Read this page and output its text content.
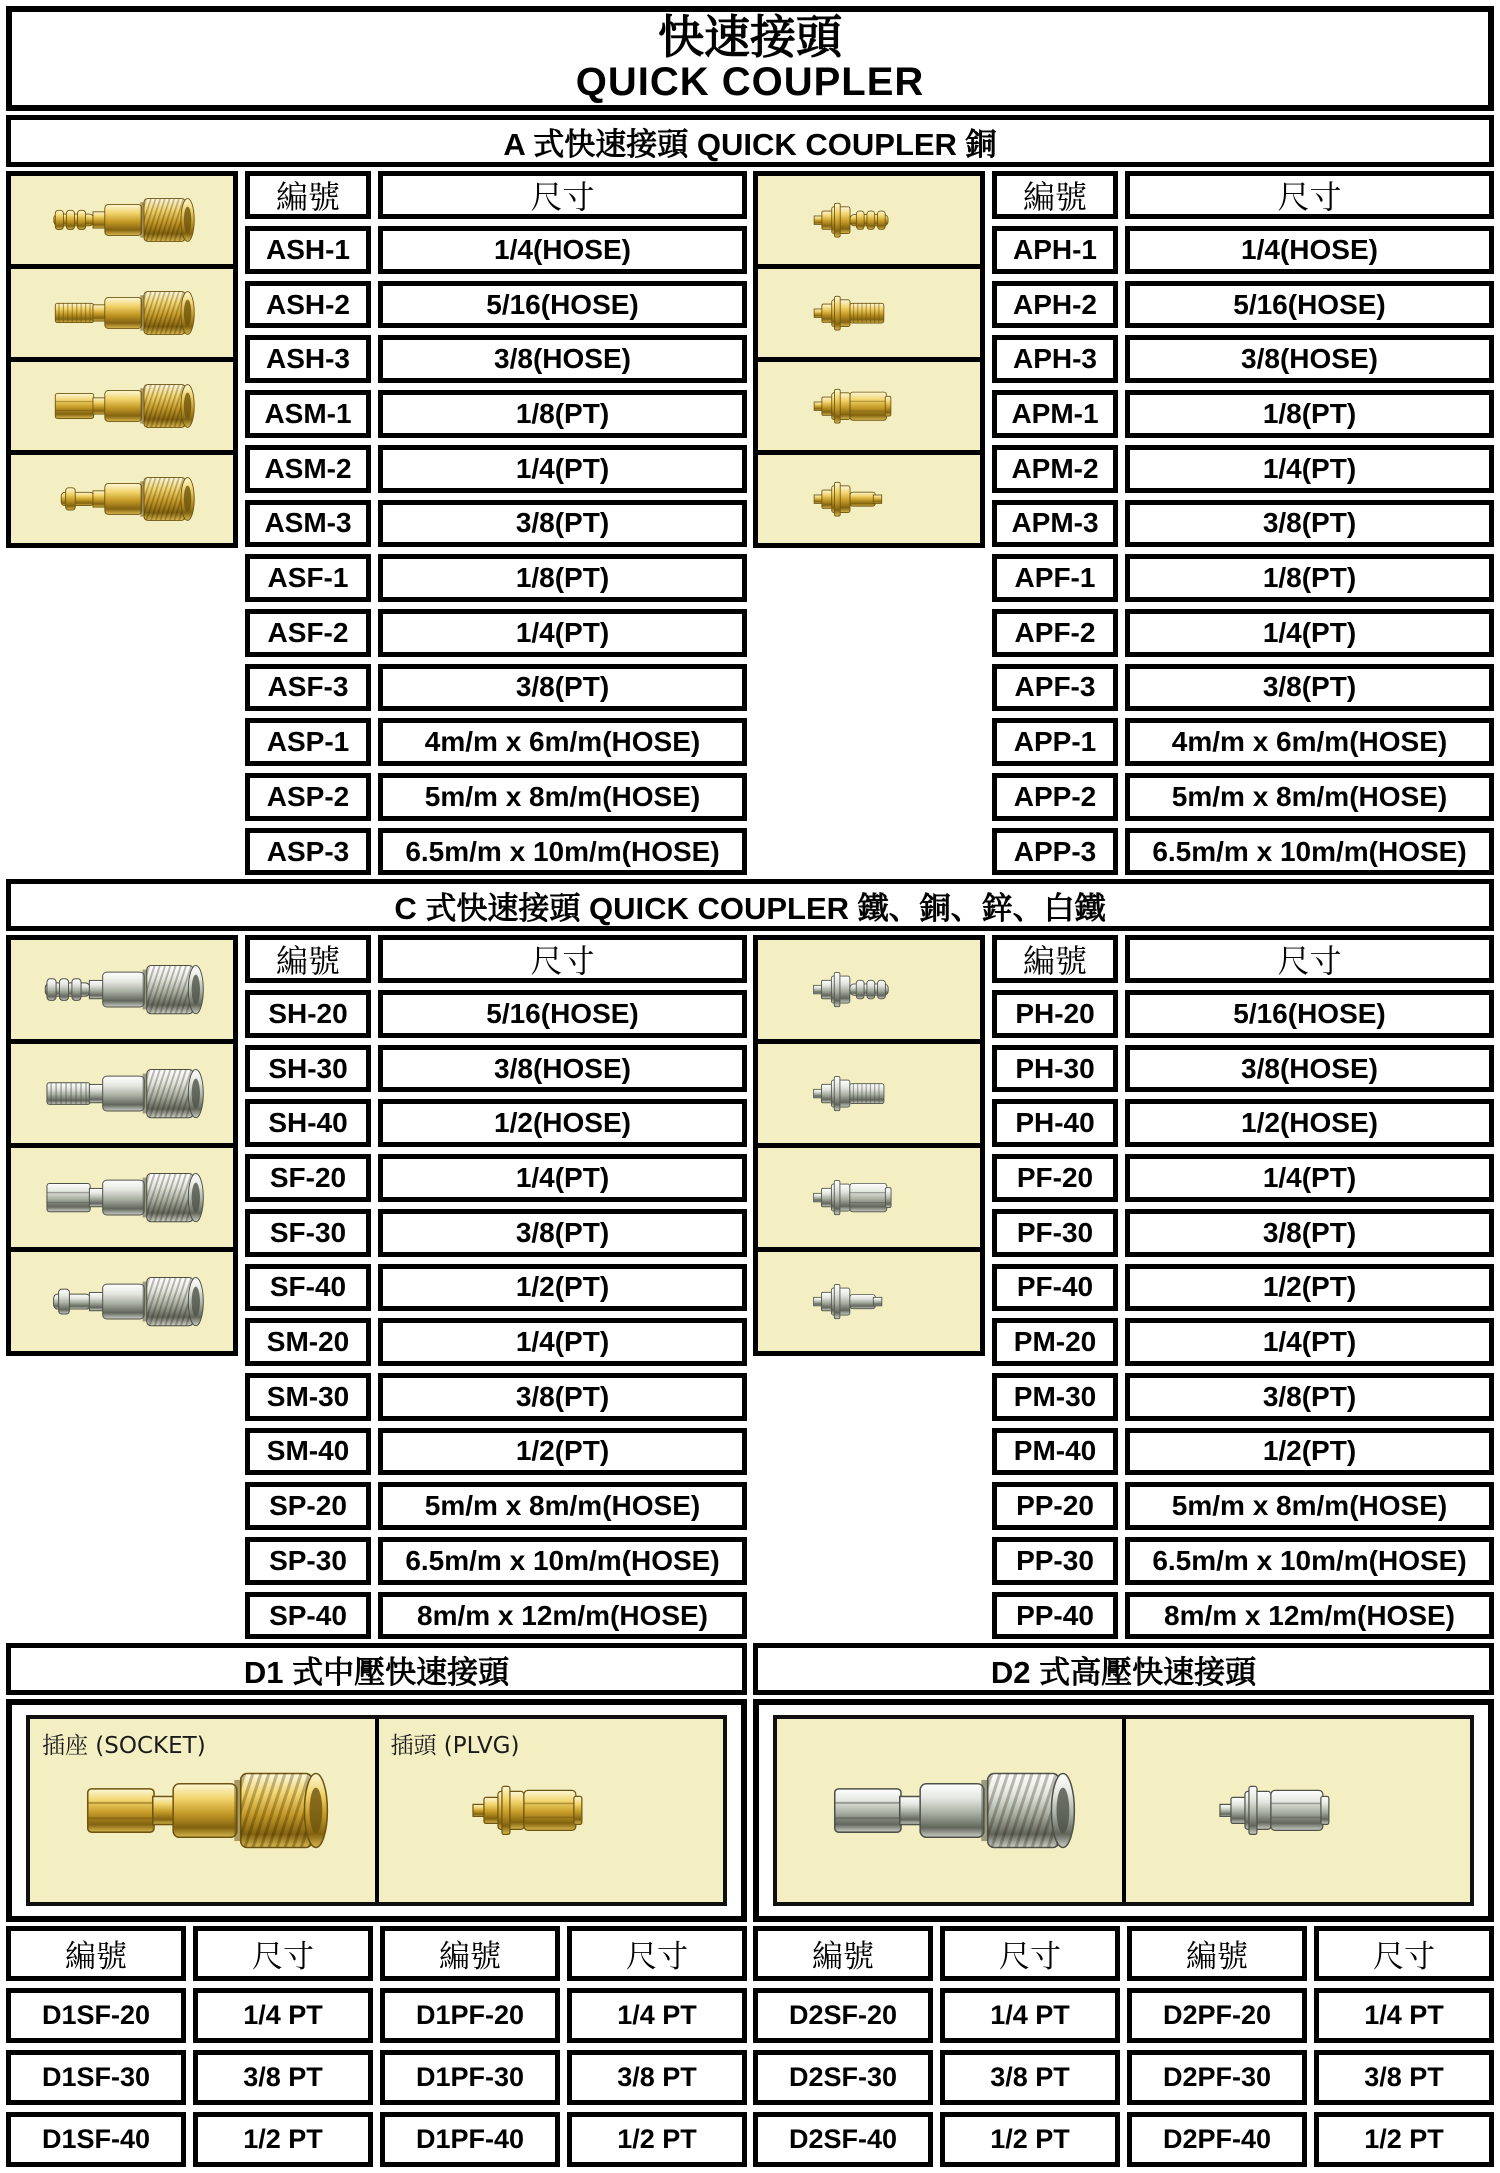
快速接頭
QUICK COUPLER
A 式快速接頭 QUICK COUPLER 銅
編號	尺寸
ASH-1	1/4(HOSE)
ASH-2	5/16(HOSE)
ASH-3	3/8(HOSE)
ASM-1	1/8(PT)
ASM-2	1/4(PT)
ASM-3	3/8(PT)
ASF-1	1/8(PT)
ASF-2	1/4(PT)
ASF-3	3/8(PT)
ASP-1	4m/m x 6m/m(HOSE)
ASP-2	5m/m x 8m/m(HOSE)
ASP-3	6.5m/m x 10m/m(HOSE)
編號	尺寸
APH-1	1/4(HOSE)
APH-2	5/16(HOSE)
APH-3	3/8(HOSE)
APM-1	1/8(PT)
APM-2	1/4(PT)
APM-3	3/8(PT)
APF-1	1/8(PT)
APF-2	1/4(PT)
APF-3	3/8(PT)
APP-1	4m/m x 6m/m(HOSE)
APP-2	5m/m x 8m/m(HOSE)
APP-3	6.5m/m x 10m/m(HOSE)
C 式快速接頭 QUICK COUPLER 鐵、銅、鋅、白鐵
編號	尺寸
SH-20	5/16(HOSE)
SH-30	3/8(HOSE)
SH-40	1/2(HOSE)
SF-20	1/4(PT)
SF-30	3/8(PT)
SF-40	1/2(PT)
SM-20	1/4(PT)
SM-30	3/8(PT)
SM-40	1/2(PT)
SP-20	5m/m x 8m/m(HOSE)
SP-30	6.5m/m x 10m/m(HOSE)
SP-40	8m/m x 12m/m(HOSE)
編號	尺寸
PH-20	5/16(HOSE)
PH-30	3/8(HOSE)
PH-40	1/2(HOSE)
PF-20	1/4(PT)
PF-30	3/8(PT)
PF-40	1/2(PT)
PM-20	1/4(PT)
PM-30	3/8(PT)
PM-40	1/2(PT)
PP-20	5m/m x 8m/m(HOSE)
PP-30	6.5m/m x 10m/m(HOSE)
PP-40	8m/m x 12m/m(HOSE)
D1 式中壓快速接頭	D2 式高壓快速接頭
插座 (SOCKET)	插頭 (PLVG)
編號	尺寸	編號	尺寸
D1SF-20	1/4 PT	D1PF-20	1/4 PT
D1SF-30	3/8 PT	D1PF-30	3/8 PT
D1SF-40	1/2 PT	D1PF-40	1/2 PT
編號	尺寸	編號	尺寸
D2SF-20	1/4 PT	D2PF-20	1/4 PT
D2SF-30	3/8 PT	D2PF-30	3/8 PT
D2SF-40	1/2 PT	D2PF-40	1/2 PT
